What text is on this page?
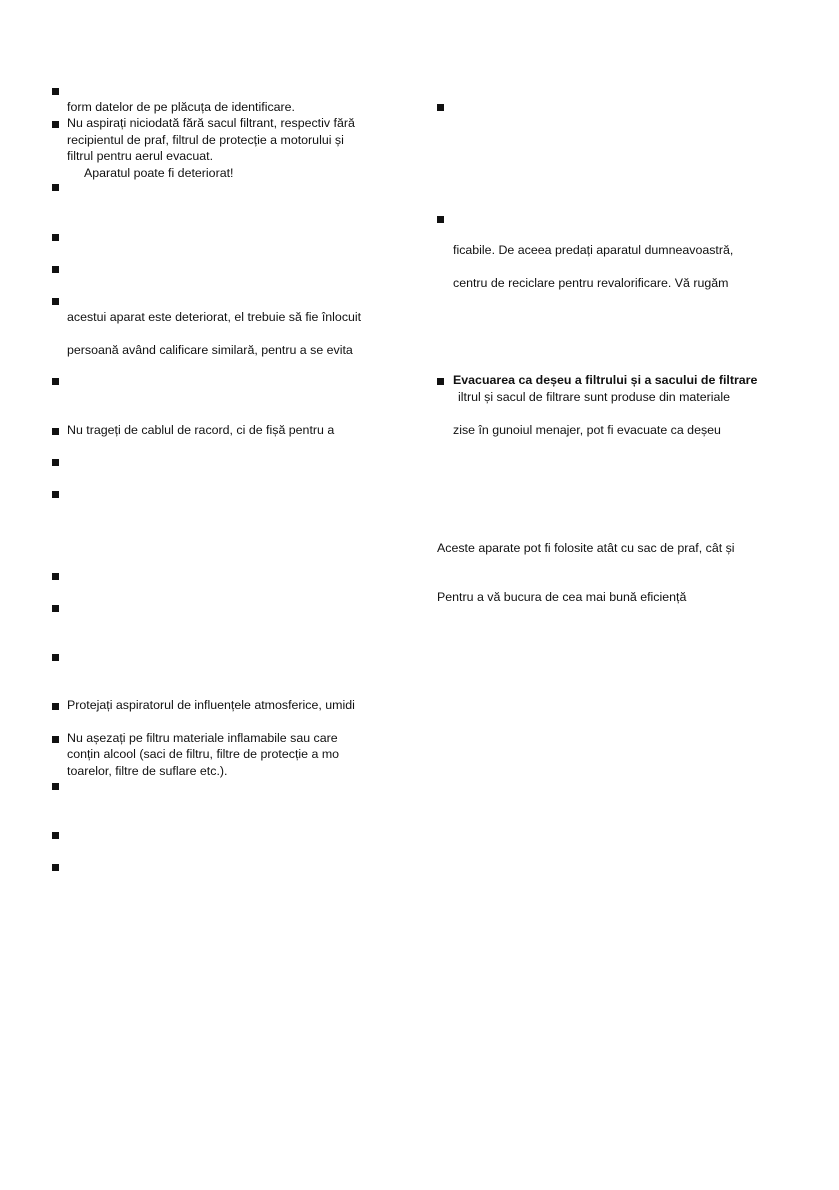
form datelor de pe plăcuța de identificare.
Nu aspirați niciodată fără sacul filtrant, respectiv fără
recipientul de praf, filtrul de protecție a motorului și
filtrul pentru aerul evacuat.
Aparatul poate fi deteriorat!
acestui aparat este deteriorat, el trebuie să fie înlocuit
persoană având calificare similară, pentru a se evita
Nu trageți de cablul de racord, ci de fișă pentru a
Protejați aspiratorul de influențele atmosferice, umidi
Nu așezați pe filtru materiale inflamabile sau care
conțin alcool (saci de filtru, filtre de protecție a mo
toarelor, filtre de suflare etc.).
ficabile. De aceea predați aparatul dumneavoastră,
centru de reciclare pentru revalorificare. Vă rugăm
Evacuarea ca deșeu a filtrului și a sacului de filtrare
iltrul și sacul de filtrare sunt produse din materiale
zise în gunoiul menajer, pot fi evacuate ca deșeu
Aceste aparate pot fi folosite atât cu sac de praf, cât și
Pentru a vă bucura de cea mai bună eficiență
